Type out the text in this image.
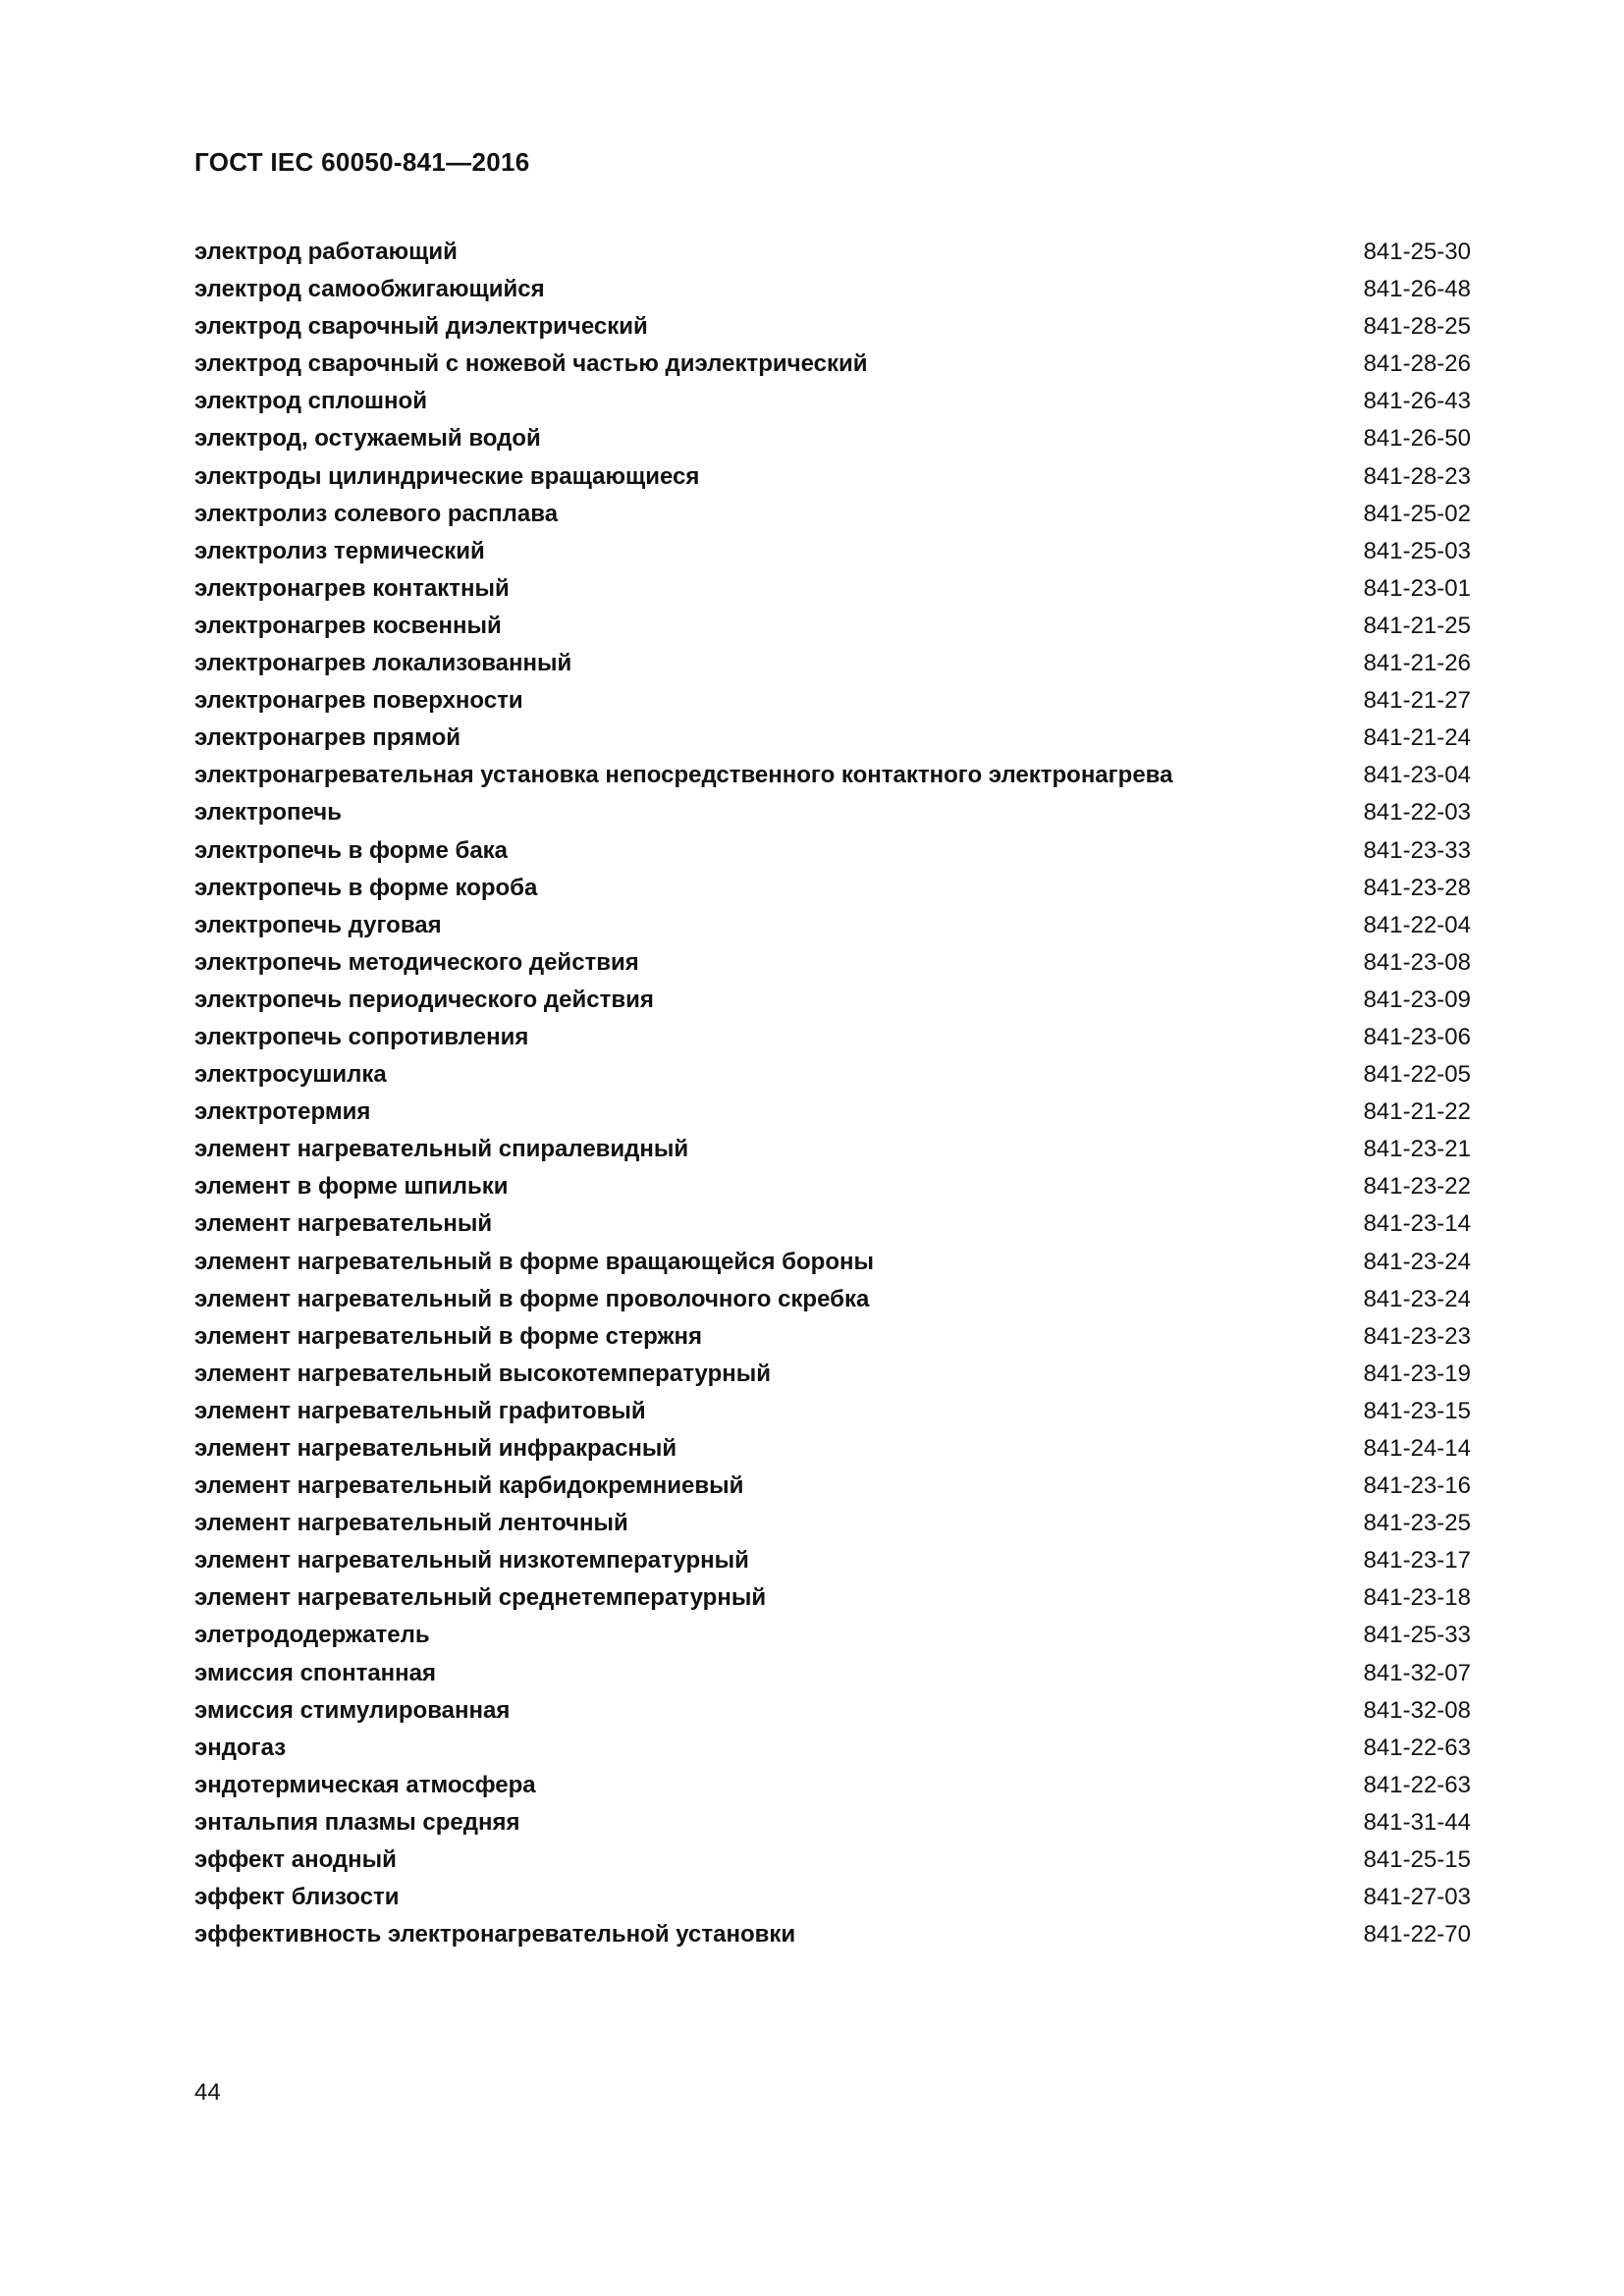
ГОСТ IEC 60050-841—2016
электрод работающий	841-25-30
электрод самообжигающийся	841-26-48
электрод сварочный диэлектрический	841-28-25
электрод сварочный с ножевой частью диэлектрический	841-28-26
электрод сплошной	841-26-43
электрод, остужаемый водой	841-26-50
электроды цилиндрические вращающиеся	841-28-23
электролиз солевого расплава	841-25-02
электролиз термический	841-25-03
электронагрев контактный	841-23-01
электронагрев косвенный	841-21-25
электронагрев локализованный	841-21-26
электронагрев поверхности	841-21-27
электронагрев прямой	841-21-24
электронагревательная установка непосредственного контактного электронагрева	841-23-04
электропечь	841-22-03
электропечь в форме бака	841-23-33
электропечь в форме короба	841-23-28
электропечь дуговая	841-22-04
электропечь методического действия	841-23-08
электропечь периодического действия	841-23-09
электропечь сопротивления	841-23-06
электросушилка	841-22-05
электротермия	841-21-22
элемент нагревательный спиралевидный	841-23-21
элемент в форме шпильки	841-23-22
элемент нагревательный	841-23-14
элемент нагревательный в форме вращающейся бороны	841-23-24
элемент нагревательный в форме проволочного скребка	841-23-24
элемент нагревательный в форме стержня	841-23-23
элемент нагревательный высокотемпературный	841-23-19
элемент нагревательный графитовый	841-23-15
элемент нагревательный инфракрасный	841-24-14
элемент нагревательный карбидокремниевый	841-23-16
элемент нагревательный ленточный	841-23-25
элемент нагревательный низкотемпературный	841-23-17
элемент нагревательный среднетемпературный	841-23-18
элетрододержатель	841-25-33
эмиссия спонтанная	841-32-07
эмиссия стимулированная	841-32-08
эндогаз	841-22-63
эндотермическая атмосфера	841-22-63
энтальпия плазмы средняя	841-31-44
эффект анодный	841-25-15
эффект близости	841-27-03
эффективность электронагревательной установки	841-22-70

44
